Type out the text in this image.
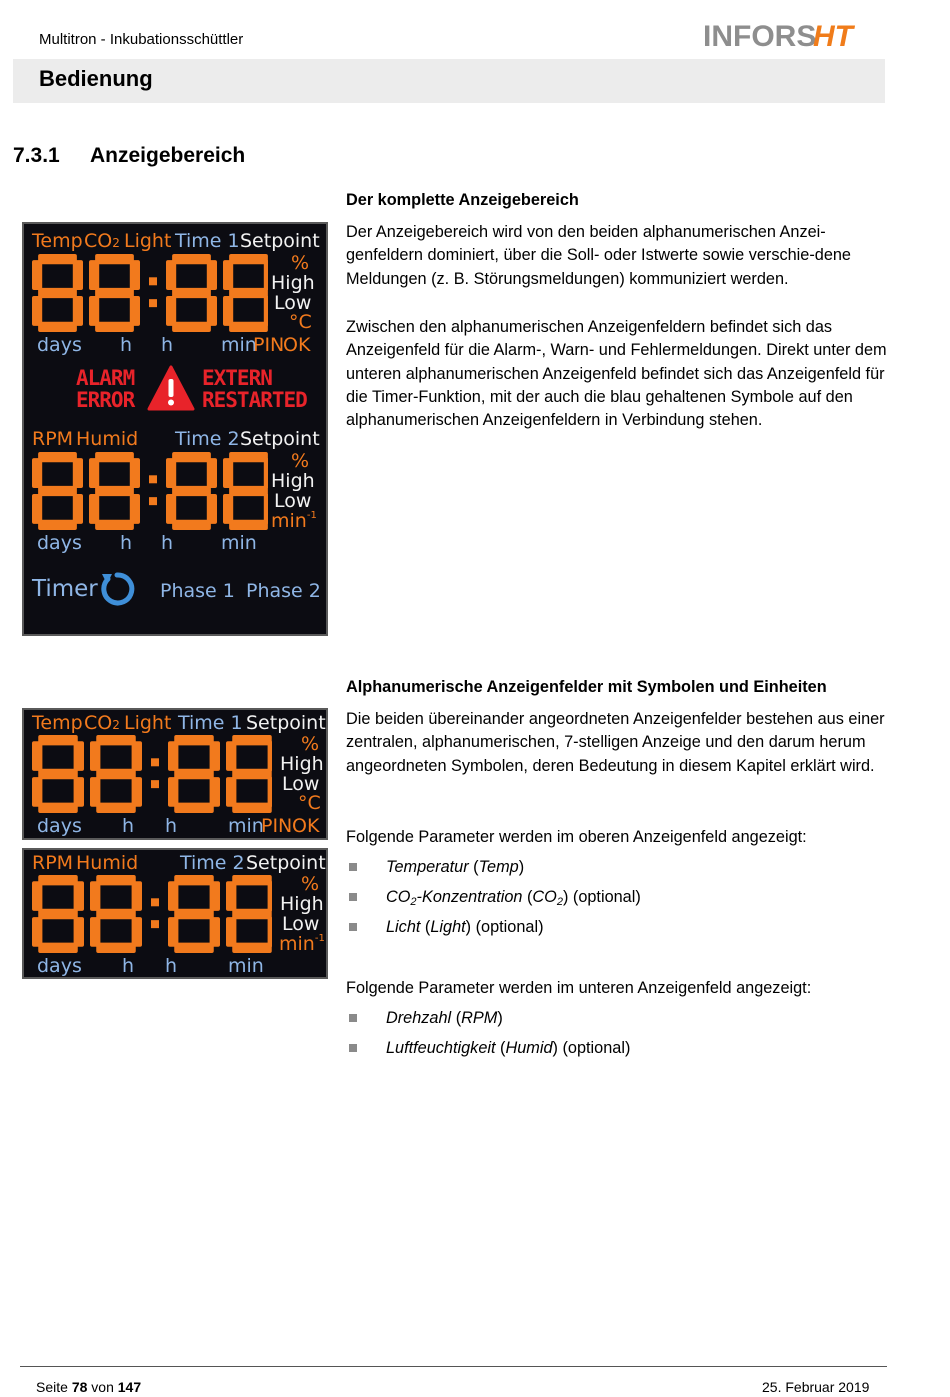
Multitron - Inkubationsschüttler	INFORS
HT
Bedienung
7.3.1 Anzeigebereich
Der komplette Anzeigebereich
Der Anzeigebereich wird von den beiden alphanumerischen Anzei-genfeldern dominiert, über die Soll- oder Istwerte sowie verschie-dene Meldungen (z. B. Störungsmeldungen) kommuniziert werden.
Zwischen den alphanumerischen Anzeigenfeldern befindet sich das Anzeigenfeld für die Alarm-, Warn- und Fehlermeldungen. Direkt unter dem unteren alphanumerischen Anzeigenfeld befindet sich das Anzeigenfeld für die Timer-Funktion, mit der auch die blau gehaltenen Symbole auf den alphanumerischen Anzeigenfeldern in Verbindung stehen.
Alphanumerische Anzeigenfelder mit Symbolen und Einheiten
Die beiden übereinander angeordneten Anzeigenfelder bestehen aus einer zentralen, alphanumerischen, 7-stelligen Anzeige und den darum herum angeordneten Symbolen, deren Bedeutung in diesem Kapitel erklärt wird.
Folgende Parameter werden im oberen Anzeigenfeld angezeigt:
Temperatur (Temp)
$CO_2$-Konzentration $(CO_2)$ (optional)
Licht (Light) (optional)
Folgende Parameter werden im unteren Anzeigenfeld angezeigt:
Drehzahl (RPM)
Luftfeuchtigkeit (Humid) (optional)
Temp CO2 Light Time 1 Setpoint
%
High
Low
°C
days h h	min
PIN
OK
ALARM
ERROR
EXTERN
RESTARTED
RPM Humid Time 2 Setpoint
%
High
Low
$\min^{-1}$
days h h	min
Timer	Phase 1 Phase 2
Temp CO2 Light Time 1 Setpoint
%
High
Low
°C
days h h	min
PIN OK
RPM Humid Time 2 Setpoint
%
High
Low
$\min^{-1}$
days h h	min
Seite 78 von 147	25. Februar 2019
